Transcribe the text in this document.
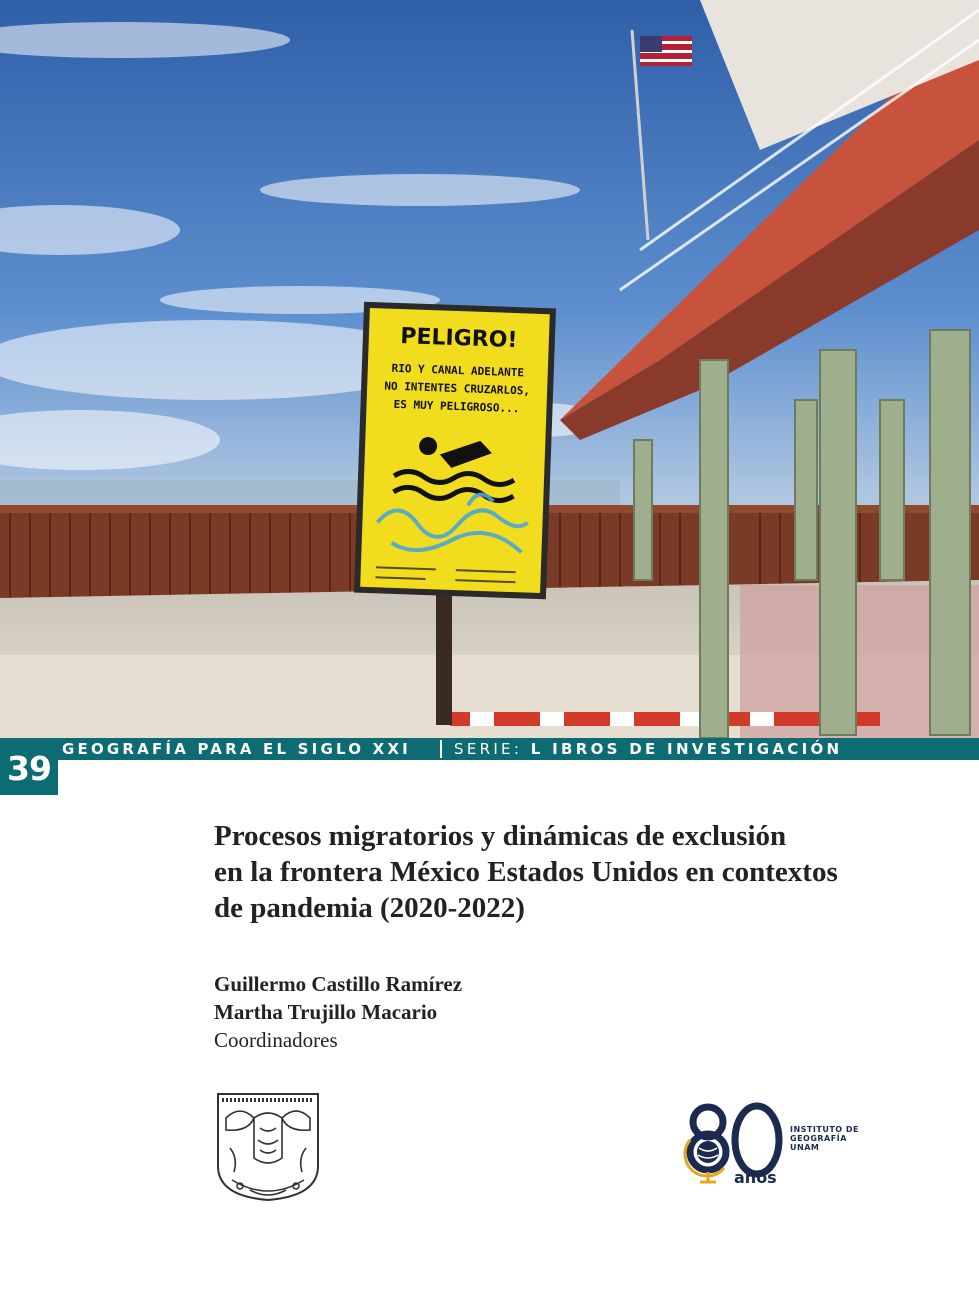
PELIGRO!
RIO Y CANAL ADELANTE
NO INTENTES CRUZARLOS,
ES MUY PELIGROSO...
39 GEOGRAFÍA PARA EL SIGLO XXI	SERIE: L IBROS DE INVESTIGACIÓN
Procesos migratorios y dinámicas de exclusión
en la frontera México Estados Unidos en contextos
de pandemia (2020-2022)
Guillermo Castillo Ramírez
Martha Trujillo Macario
Coordinadores
INSTITUTO DE
GEOGRAFÍA
UNAM
años
